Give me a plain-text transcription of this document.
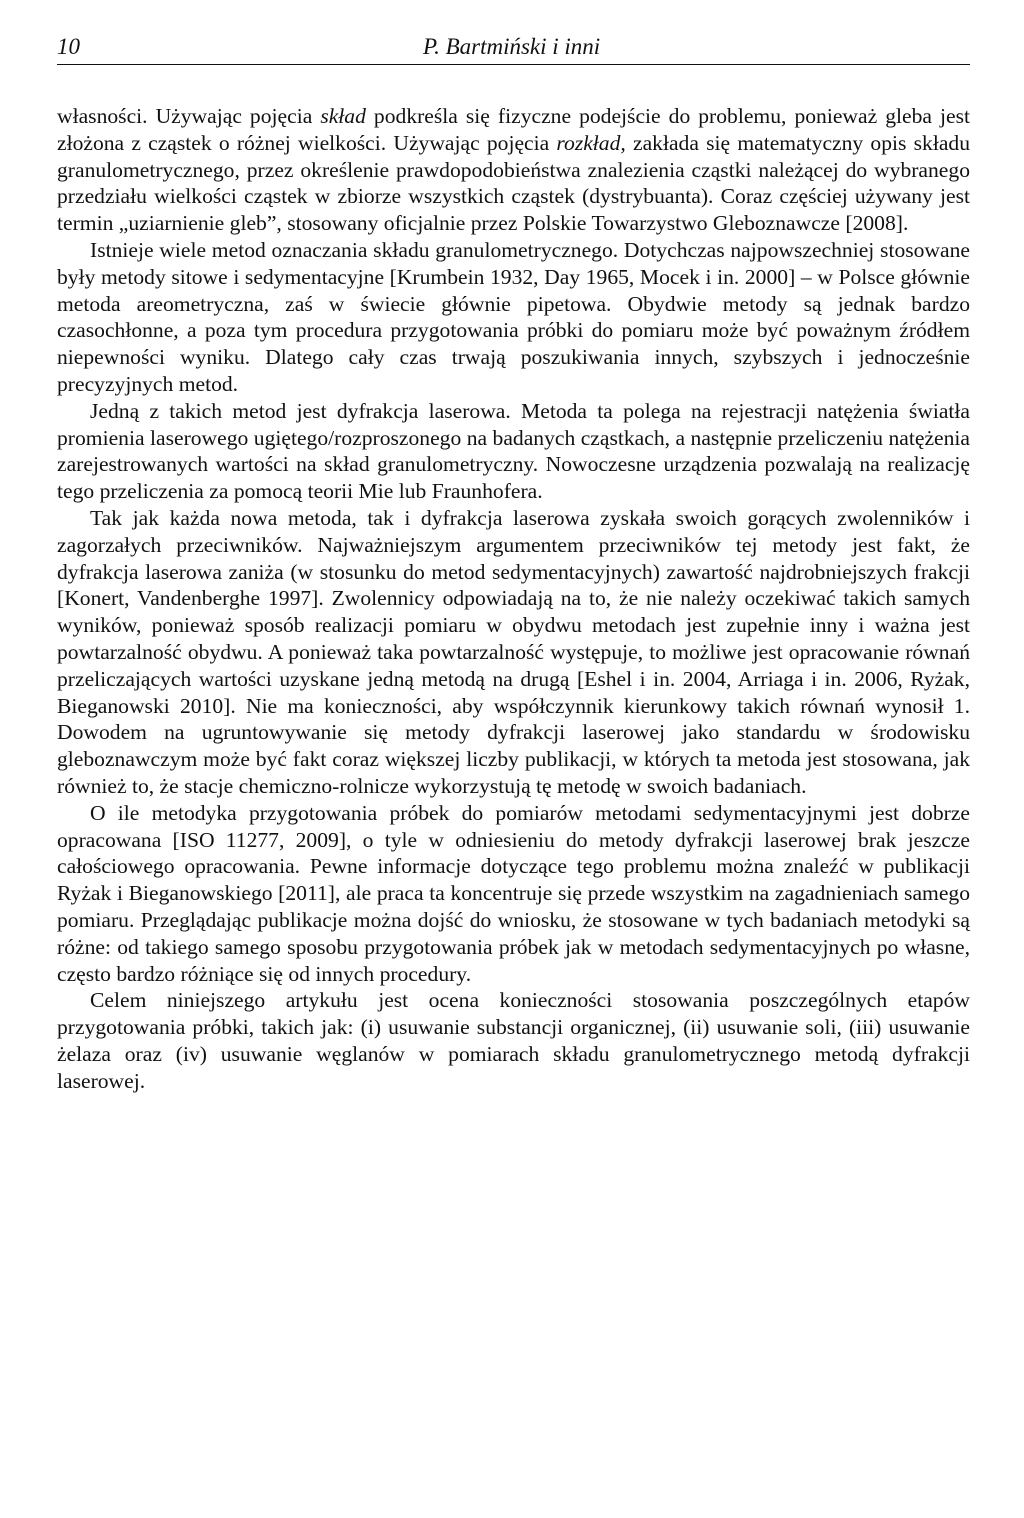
10	P. Bartmiński i inni

własności. Używając pojęcia skład podkreśla się fizyczne podejście do problemu, ponieważ gleba jest złożona z cząstek o różnej wielkości. Używając pojęcia rozkład, zakłada się matematyczny opis składu granulometrycznego, przez określenie prawdopodobieństwa znalezienia cząstki należącej do wybranego przedziału wielkości cząstek w zbiorze wszystkich cząstek (dystrybuanta). Coraz częściej używany jest termin „uziarnienie gleb”, stosowany oficjalnie przez Polskie Towarzystwo Gleboznawcze [2008].

Istnieje wiele metod oznaczania składu granulometrycznego. Dotychczas najpowszechniej stosowane były metody sitowe i sedymentacyjne [Krumbein 1932, Day 1965, Mocek i in. 2000] – w Polsce głównie metoda areometryczna, zaś w świecie głównie pipetowa. Obydwie metody są jednak bardzo czasochłonne, a poza tym procedura przygotowania próbki do pomiaru może być poważnym źródłem niepewności wyniku. Dlatego cały czas trwają poszukiwania innych, szybszych i jednocześnie precyzyjnych metod.

Jedną z takich metod jest dyfrakcja laserowa. Metoda ta polega na rejestracji natężenia światła promienia laserowego ugiętego/rozproszonego na badanych cząstkach, a następnie przeliczeniu natężenia zarejestrowanych wartości na skład granulometryczny. Nowoczesne urządzenia pozwalają na realizację tego przeliczenia za pomocą teorii Mie lub Fraunhofera.

Tak jak każda nowa metoda, tak i dyfrakcja laserowa zyskała swoich gorących zwolenników i zagorzałych przeciwników. Najważniejszym argumentem przeciwników tej metody jest fakt, że dyfrakcja laserowa zaniża (w stosunku do metod sedymentacyjnych) zawartość najdrobniejszych frakcji [Konert, Vandenberghe 1997]. Zwolennicy odpowiadają na to, że nie należy oczekiwać takich samych wyników, ponieważ sposób realizacji pomiaru w obydwu metodach jest zupełnie inny i ważna jest powtarzalność obydwu. A ponieważ taka powtarzalność występuje, to możliwe jest opracowanie równań przeliczających wartości uzyskane jedną metodą na drugą [Eshel i in. 2004, Arriaga i in. 2006, Ryżak, Bieganowski 2010]. Nie ma konieczności, aby współczynnik kierunkowy takich równań wynosił 1. Dowodem na ugruntowywanie się metody dyfrakcji laserowej jako standardu w środowisku gleboznawczym może być fakt coraz większej liczby publikacji, w których ta metoda jest stosowana, jak również to, że stacje chemiczno-rolnicze wykorzystują tę metodę w swoich badaniach.

O ile metodyka przygotowania próbek do pomiarów metodami sedymentacyjnymi jest dobrze opracowana [ISO 11277, 2009], o tyle w odniesieniu do metody dyfrakcji laserowej brak jeszcze całościowego opracowania. Pewne informacje dotyczące tego problemu można znaleźć w publikacji Ryżak i Bieganowskiego [2011], ale praca ta koncentruje się przede wszystkim na zagadnieniach samego pomiaru. Przeglądając publikacje można dojść do wniosku, że stosowane w tych badaniach metodyki są różne: od takiego samego sposobu przygotowania próbek jak w metodach sedymentacyjnych po własne, często bardzo różniące się od innych procedury.

Celem niniejszego artykułu jest ocena konieczności stosowania poszczególnych etapów przygotowania próbki, takich jak: (i) usuwanie substancji organicznej, (ii) usuwanie soli, (iii) usuwanie żelaza oraz (iv) usuwanie węglanów w pomiarach składu granulometrycznego metodą dyfrakcji laserowej.
